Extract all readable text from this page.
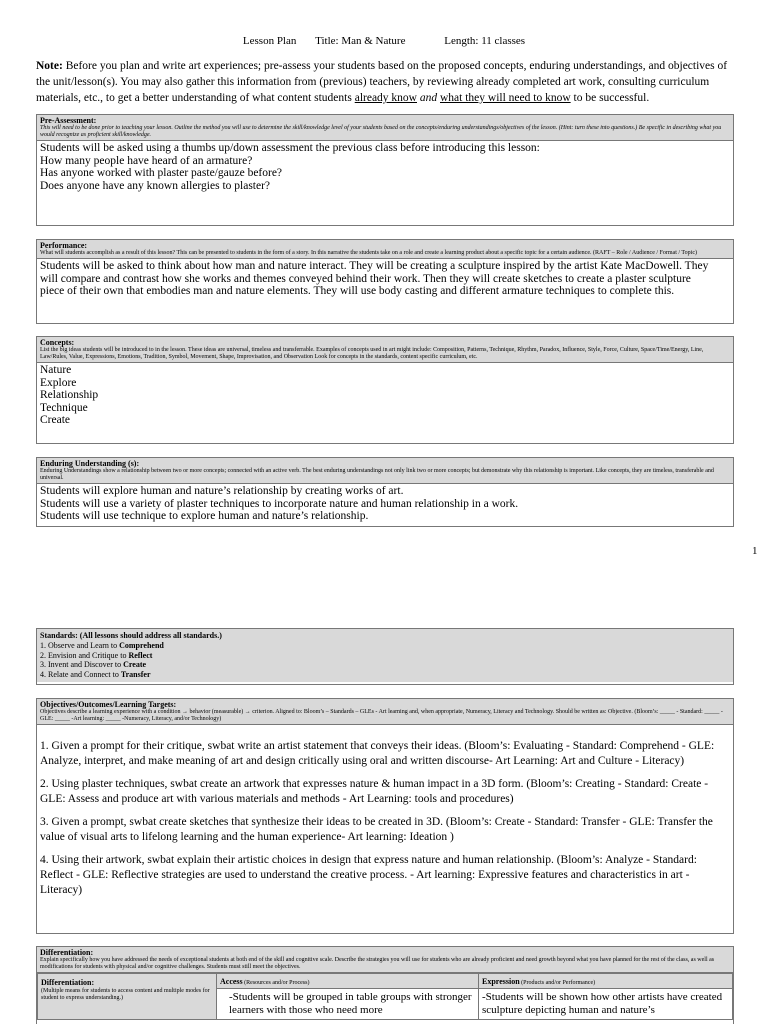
Lesson Plan Title: Man & Nature	Length: 11 classes
Note: Before you plan and write art experiences; pre-assess your students based on the proposed concepts, enduring understandings, and objectives of the unit/lesson(s). You may also gather this information from (previous) teachers, by reviewing already completed art work, consulting curriculum materials, etc., to get a better understanding of what content students already know and what they will need to know to be successful.
Pre-Assessment:
This will need to be done prior to teaching your lesson. Outline the method you will use to determine the skill/knowledge level of your students based on the concepts/enduring understandings/objectives of the lesson. (Hint: turn these into questions.) Be specific in describing what you would recognize as proficient skill/knowledge.
Students will be asked using a thumbs up/down assessment the previous class before introducing this lesson:
How many people have heard of an armature?
Has anyone worked with plaster paste/gauze before?
Does anyone have any known allergies to plaster?
Performance:
What will students accomplish as a result of this lesson? This can be presented to students in the form of a story. In this narrative the students take on a role and create a learning product about a specific topic for a certain audience. (RAFT – Role / Audience / Format / Topic)
Students will be asked to think about how man and nature interact. They will be creating a sculpture inspired by the artist Kate MacDowell. They
will compare and contrast how she works and themes conveyed behind their work. Then they will create sketches to create a plaster sculpture
piece of their own that embodies man and nature elements. They will use body casting and different armature techniques to complete this.
Concepts:
List the big ideas students will be introduced to in the lesson. These ideas are universal, timeless and transferrable. Examples of concepts used in art might include: Composition, Patterns, Technique, Rhythm, Paradox, Influence, Style, Force, Culture, Space/Time/Energy, Line, Law/Rules, Value, Expressions, Emotions, Tradition, Symbol, Movement, Shape, Improvisation, and Observation Look for concepts in the standards, content specific curriculum, etc.
Nature
Explore
Relationship
Technique
Create
Enduring Understanding (s):
Enduring Understandings show a relationship between two or more concepts; connected with an active verb. The best enduring understandings not only link two or more concepts; but demonstrate why this relationship is important. Like concepts, they are timeless, transferable and universal.
Students will explore human and nature’s relationship by creating works of art.
Students will use a variety of plaster techniques to incorporate nature and human relationship in a work.
Students will use technique to explore human and nature’s relationship.
1
Standards: (All lessons should address all standards.)
1. Observe and Learn to Comprehend
2. Envision and Critique to Reflect
3. Invent and Discover to Create
4. Relate and Connect to Transfer
Objectives/Outcomes/Learning Targets:
Objectives describe a learning experience with a condition → behavior (measurable) → criterion. Aligned to: Bloom’s – Standards – GLEs - Art learning and, when appropriate, Numeracy, Literacy and Technology. Should be written as: Objective. (Bloom’s: _____ - Standard: _____ - GLE: _____ -Art learning: _____ -Numeracy, Literacy, and/or Technology)
1. Given a prompt for their critique, swbat write an artist statement that conveys their ideas. (Bloom’s: Evaluating - Standard: Comprehend - GLE: Analyze, interpret, and make meaning of art and design critically using oral and written discourse- Art Learning: Art and Culture - Literacy)
2. Using plaster techniques, swbat create an artwork that expresses nature & human impact in a 3D form. (Bloom’s: Creating - Standard: Create - GLE: Assess and produce art with various materials and methods - Art Learning: tools and procedures)
3. Given a prompt, swbat create sketches that synthesize their ideas to be created in 3D. (Bloom’s: Create - Standard: Transfer - GLE: Transfer the value of visual arts to lifelong learning and the human experience- Art learning: Ideation )
4. Using their artwork, swbat explain their artistic choices in design that express nature and human relationship. (Bloom’s: Analyze - Standard: Reflect - GLE: Reflective strategies are used to understand the creative process. - Art learning: Expressive features and characteristics in art - Literacy)
Differentiation:
Explain specifically how you have addressed the needs of exceptional students at both end of the skill and cognitive scale. Describe the strategies you will use for students who are already proficient and need growth beyond what you have planned for the rest of the class, as well as modifications for students with physical and/or cognitive challenges. Students must still meet the objectives.
Differentiation:
(Multiple means for students to access content and multiple modes for student to express understanding.)	Access (Resources and/or Process)	Expression (Products and/or Performance)
	-Students will be grouped in table groups with stronger learners with those who need more	-Students will be shown how other artists have created sculpture depicting human and nature’s
